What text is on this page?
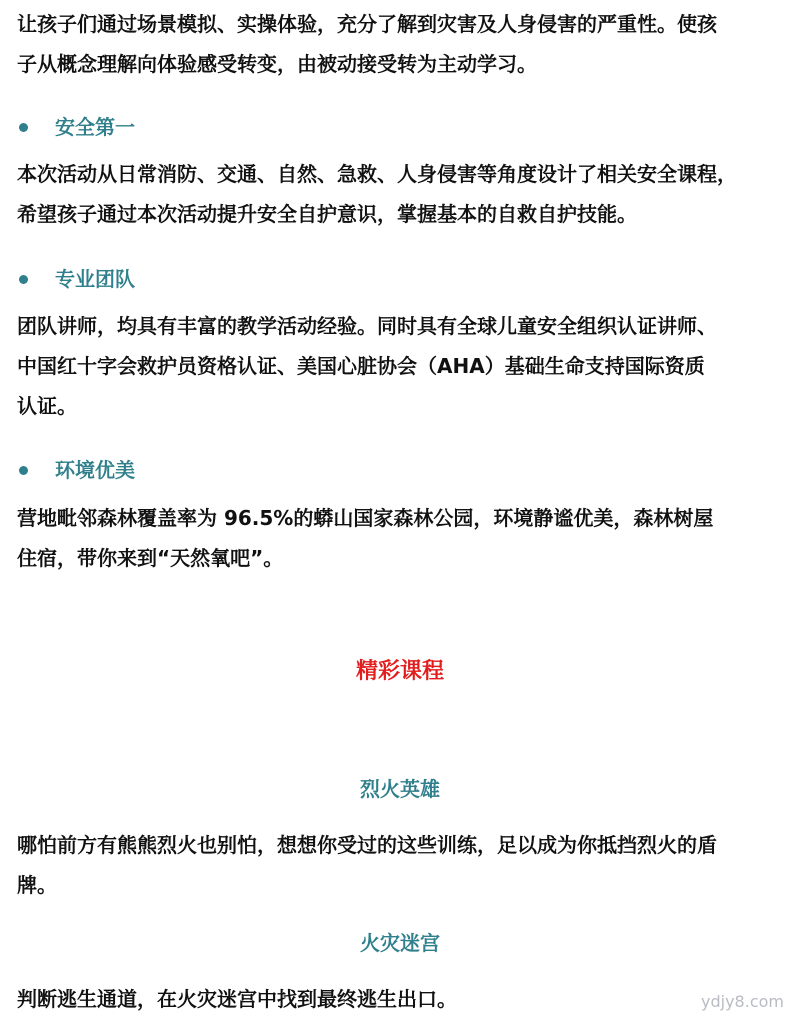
让孩子们通过场景模拟、实操体验，充分了解到灾害及人身侵害的严重性。使孩

子从概念理解向体验感受转变，由被动接受转为主动学习。

安全第一

本次活动从日常消防、交通、自然、急救、人身侵害等角度设计了相关安全课程，

希望孩子通过本次活动提升安全自护意识，掌握基本的自救自护技能。

专业团队

团队讲师，均具有丰富的教学活动经验。同时具有全球儿童安全组织认证讲师、

中国红十字会救护员资格认证、美国心脏协会（AHA）基础生命支持国际资质

认证。

环境优美

营地毗邻森林覆盖率为 96.5%的蟒山国家森林公园，环境静谧优美，森林树屋

住宿，带你来到“天然氧吧”。

精彩课程
烈火英雄

哪怕前方有熊熊烈火也别怕，想想你受过的这些训练，足以成为你抵挡烈火的盾

牌。

火灾迷宫

判断逃生通道，在火灾迷宫中找到最终逃生出口。	ydjy8.com
